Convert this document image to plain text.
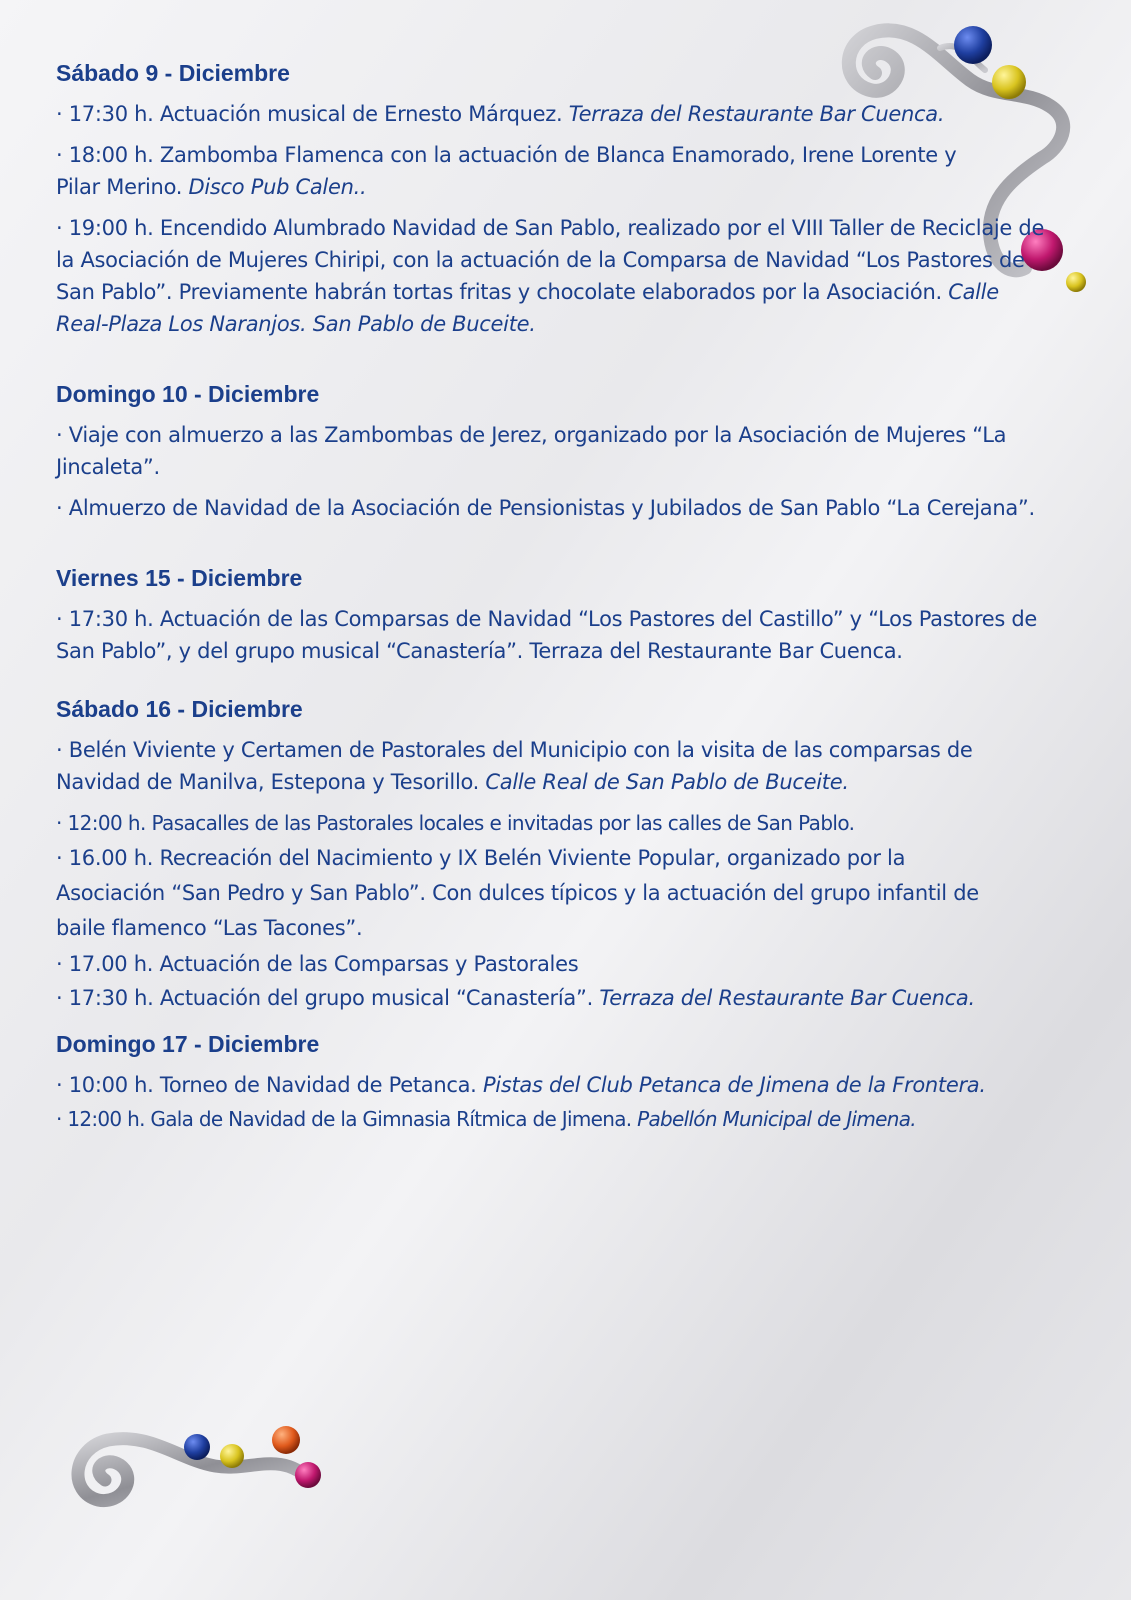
Sábado 9 - Diciembre
· 17:30 h. Actuación musical de Ernesto Márquez. Terraza del Restaurante Bar Cuenca.
· 18:00 h. Zambomba Flamenca con la actuación de Blanca Enamorado, Irene Lorente y Pilar Merino. Disco Pub Calen..
· 19:00 h. Encendido Alumbrado Navidad de San Pablo, realizado por el VIII Taller de Reciclaje de la Asociación de Mujeres Chiripi, con la actuación de la Comparsa de Navidad “Los Pastores de San Pablo”. Previamente habrán tortas fritas y chocolate elaborados por la Asociación. Calle Real-Plaza Los Naranjos. San Pablo de Buceite.
Domingo 10 - Diciembre
· Viaje con almuerzo a las Zambombas de Jerez, organizado por la Asociación de Mujeres “La Jincaleta”.
· Almuerzo de Navidad de la Asociación de Pensionistas y Jubilados de San Pablo “La Cerejana”.
Viernes 15 - Diciembre
· 17:30 h. Actuación de las Comparsas de Navidad “Los Pastores del Castillo” y “Los Pastores de San Pablo”, y del grupo musical “Canastería”. Terraza del Restaurante Bar Cuenca.
Sábado 16 - Diciembre
· Belén Viviente y Certamen de Pastorales del Municipio con la visita de las comparsas de Navidad de Manilva, Estepona y Tesorillo. Calle Real de San Pablo de Buceite.
· 12:00 h. Pasacalles de las Pastorales locales e invitadas por las calles de San Pablo.
· 16.00 h. Recreación del Nacimiento y IX Belén Viviente Popular, organizado por la Asociación “San Pedro y San Pablo”. Con dulces típicos y la actuación del grupo infantil de baile flamenco “Las Tacones”.
· 17.00 h. Actuación de las Comparsas y Pastorales
· 17:30 h. Actuación del grupo musical “Canastería”. Terraza del Restaurante Bar Cuenca.
Domingo 17 - Diciembre
· 10:00 h. Torneo de Navidad de Petanca. Pistas del Club Petanca de Jimena de la Frontera.
· 12:00 h. Gala de Navidad de la Gimnasia Rítmica de Jimena. Pabellón Municipal de Jimena.
